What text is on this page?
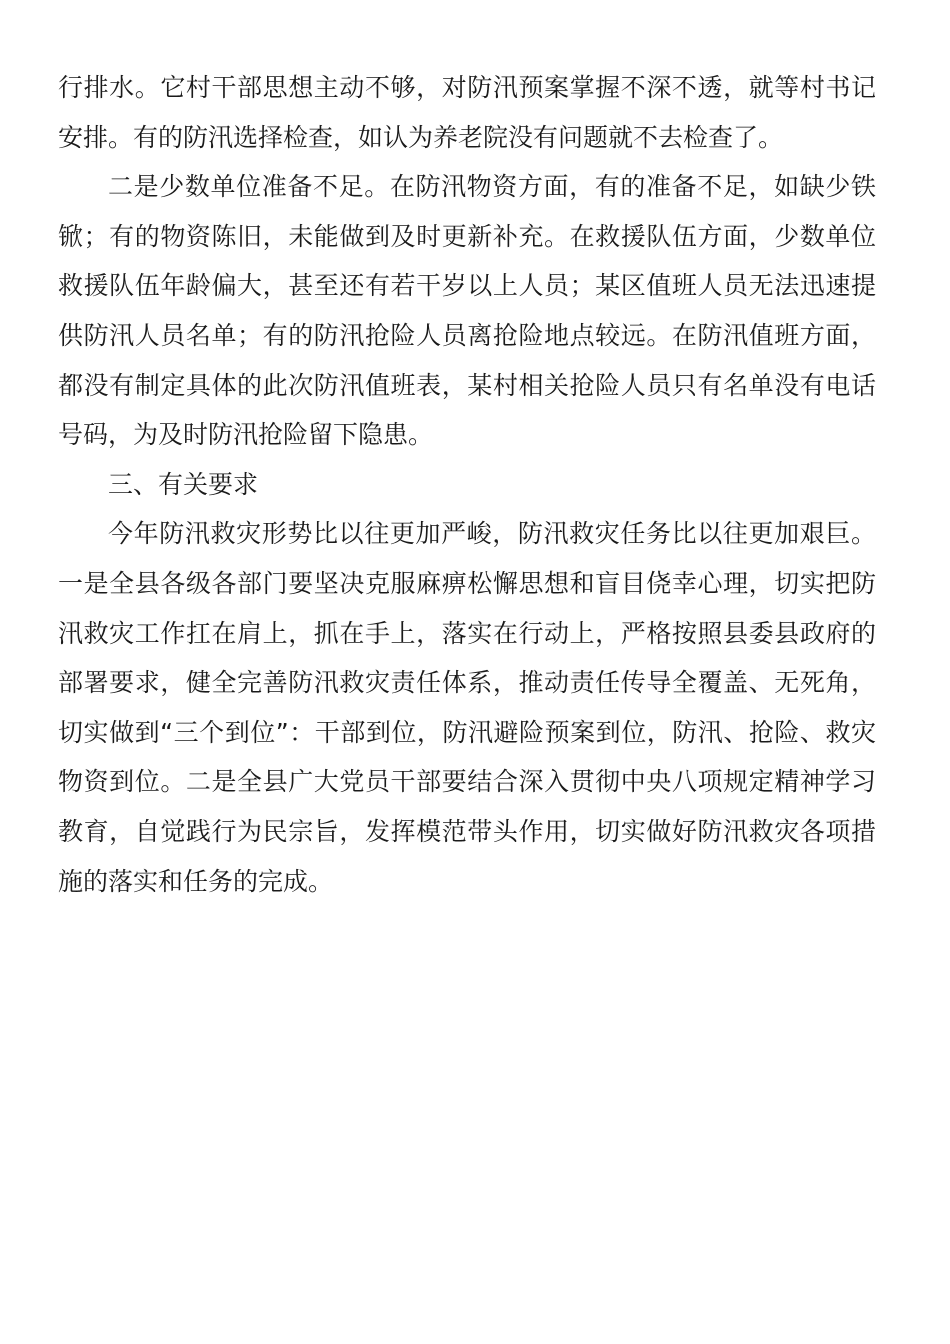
行排水。它村干部思想主动不够，对防汛预案掌握不深不透，就等村书记安排。有的防汛选择检查，如认为养老院没有问题就不去检查了。

二是少数单位准备不足。在防汛物资方面，有的准备不足，如缺少铁锨；有的物资陈旧，未能做到及时更新补充。在救援队伍方面，少数单位救援队伍年龄偏大，甚至还有若干岁以上人员；某区值班人员无法迅速提供防汛人员名单；有的防汛抢险人员离抢险地点较远。在防汛值班方面，都没有制定具体的此次防汛值班表，某村相关抢险人员只有名单没有电话号码，为及时防汛抢险留下隐患。

三、有关要求

今年防汛救灾形势比以往更加严峻，防汛救灾任务比以往更加艰巨。一是全县各级各部门要坚决克服麻痹松懈思想和盲目侥幸心理，切实把防汛救灾工作扛在肩上，抓在手上，落实在行动上，严格按照县委县政府的部署要求，健全完善防汛救灾责任体系，推动责任传导全覆盖、无死角，切实做到“三个到位”：干部到位，防汛避险预案到位，防汛、抢险、救灾物资到位。二是全县广大党员干部要结合深入贯彻中央八项规定精神学习教育，自觉践行为民宗旨，发挥模范带头作用，切实做好防汛救灾各项措施的落实和任务的完成。
